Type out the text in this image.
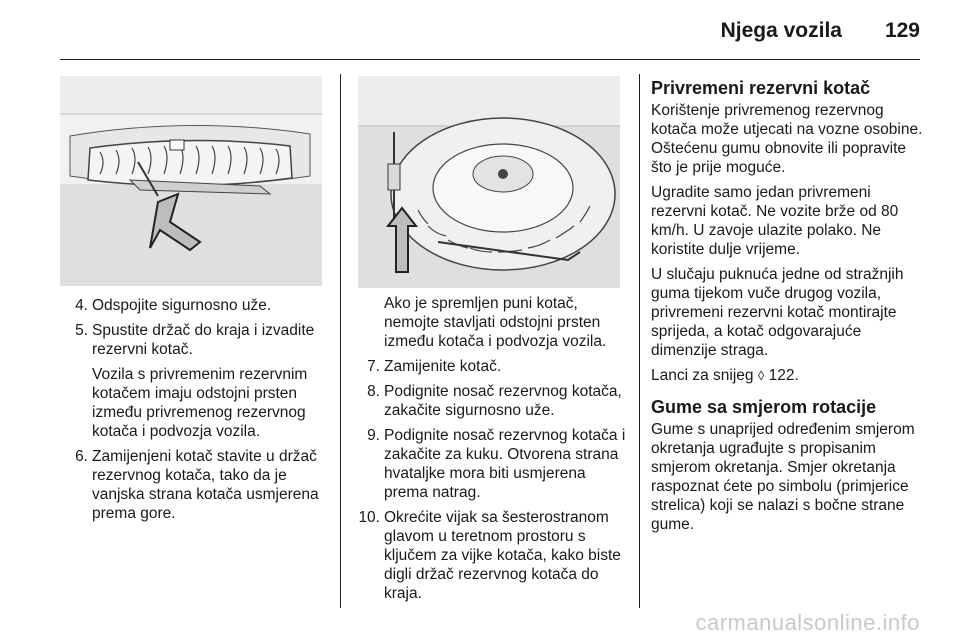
Njega vozila 129
4. Odspojite sigurnosno uže.
5. Spustite držač do kraja i izvadite rezervni kotač.
Vozila s privremenim rezervnim kotačem imaju odstojni prsten između privremenog rezervnog kotača i podvozja vozila.
6. Zamijenjeni kotač stavite u držač rezervnog kotača, tako da je vanjska strana kotača usmjerena prema gore.
Ako je spremljen puni kotač, nemojte stavljati odstojni prsten između kotača i podvozja vozila.
7. Zamijenite kotač.
8. Podignite nosač rezervnog kotača, zakačite sigurnosno uže.
9. Podignite nosač rezervnog kotača i zakačite za kuku. Otvorena strana hvataljke mora biti usmjerena prema natrag.
10. Okrećite vijak sa šesterostranom glavom u teretnom prostoru s ključem za vijke kotača, kako biste digli držač rezervnog kotača do kraja.
Privremeni rezervni kotač

Korištenje privremenog rezervnog kotača može utjecati na vozne osobine. Oštećenu gumu obnovite ili popravite što je prije moguće.

Ugradite samo jedan privremeni rezervni kotač. Ne vozite brže od 80 km/h. U zavoje ulazite polako. Ne koristite dulje vrijeme.

U slučaju puknuća jedne od stražnjih guma tijekom vuče drugog vozila, privremeni rezervni kotač montirajte sprijeda, a kotač odgovarajuće dimenzije straga.

Lanci za snijeg ◊ 122.

Gume sa smjerom rotacije

Gume s unaprijed određenim smjerom okretanja ugrađujte s propisanim smjerom okretanja. Smjer okretanja raspoznat ćete po simbolu (primjerice strelica) koji se nalazi s bočne strane gume.

carmanualsonline.info
